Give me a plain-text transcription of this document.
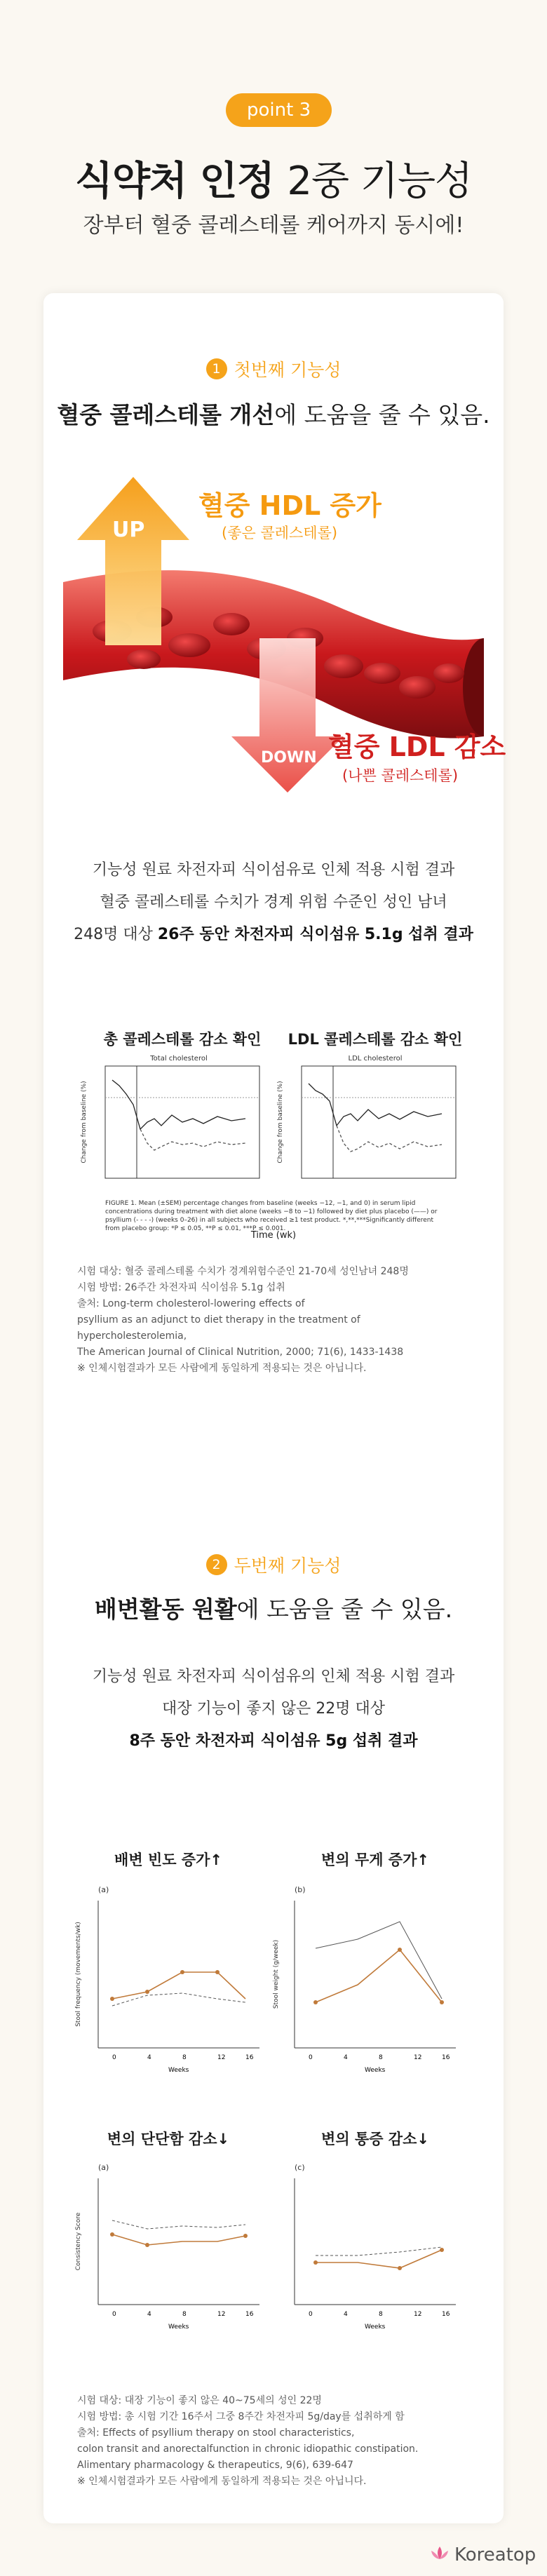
point 3
식약처 인정 2중 기능성
장부터 혈중 콜레스테롤 케어까지 동시에!
1 첫번째 기능성
혈중 콜레스테롤 개선에 도움을 줄 수 있음.
UP
혈중 HDL 증가
(좋은 콜레스테롤)
DOWN 혈중 LDL 감소
(나쁜 콜레스테롤)
기능성 원료 차전자피 식이섬유로 인체 적용 시험 결과
혈중 콜레스테롤 수치가 경계 위험 수준인 성인 남녀
248명 대상 26주 동안 차전자피 식이섬유 5.1g 섭취 결과
총 콜레스테롤 감소 확인	LDL 콜레스테롤 감소 확인
Total cholesterol
Change from baseline (%)
LDL cholesterol
Change from baseline (%)
FIGURE 1. Mean (±SEM) percentage changes from baseline (weeks −12, −1, and 0) in serum lipid concentrations during treatment with diet alone (weeks −8 to −1) followed by diet plus placebo (——) or psyllium (- - - -) (weeks 0–26) in all subjects who received ≥1 test product. *,**,***Significantly different from placebo group: *P ≤ 0.05, **P ≤ 0.01, ***P ≤ 0.001.
Time (wk)
시험 대상: 혈중 콜레스테롤 수치가 경계위험수준인 21-70세 성인남녀 248명
시험 방법: 26주간 차전자피 식이섬유 5.1g 섭취
출처: Long-term cholesterol-lowering effects of
psyllium as an adjunct to diet therapy in the treatment of hypercholesterolemia,
The American Journal of Clinical Nutrition, 2000; 71(6), 1433-1438
※ 인체시험결과가 모든 사람에게 동일하게 적용되는 것은 아닙니다.
2 두번째 기능성
배변활동 원활에 도움을 줄 수 있음.
기능성 원료 차전자피 식이섬유의 인체 적용 시험 결과
대장 기능이 좋지 않은 22명 대상
8주 동안 차전자피 식이섬유 5g 섭취 결과
배변 빈도 증가↑	변의 무게 증가↑
변의 단단함 감소↓	변의 통증 감소↓
(a)
Stool frequency (movements/wk)
0	4	8	12	16
Weeks
(b)
Stool weight (g/week)
0	4	8	12	16
Weeks
(a)
Consistency Score
0	4	8	12	16
Weeks
(c)
0	4	8	12	16
Weeks
시험 대상: 대장 기능이 좋지 않은 40~75세의 성인 22명
시험 방법: 총 시험 기간 16주서 그중 8주간 차전자피 5g/day를 섭취하게 함
출처: Effects of psyllium therapy on stool characteristics,
colon transit and anorectalfunction in chronic idiopathic constipation.
Alimentary pharmacology & therapeutics, 9(6), 639-647
※ 인체시험결과가 모든 사람에게 동일하게 적용되는 것은 아닙니다.
Koreatop
